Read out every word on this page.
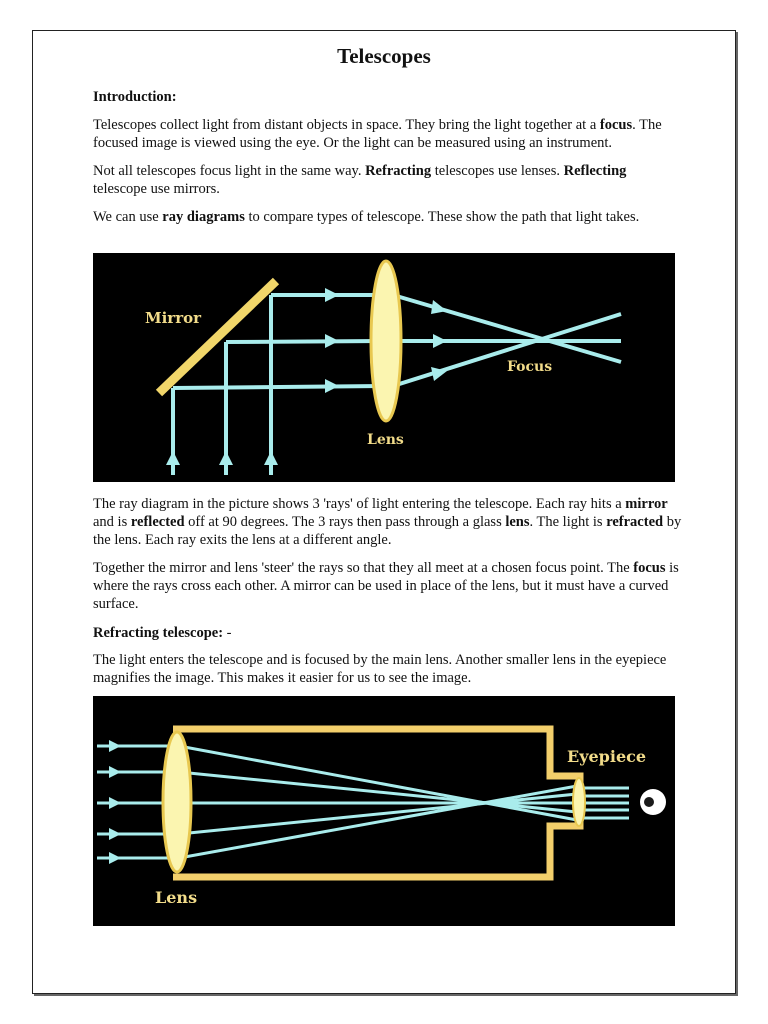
Telescopes

Introduction:

Telescopes collect light from distant objects in space. They bring the light together at a focus. The focused image is viewed using the eye. Or the light can be measured using an instrument.

Not all telescopes focus light in the same way. Refracting telescopes use lenses. Reflecting telescope use mirrors.

We can use ray diagrams to compare types of telescope. These show the path that light takes.

Mirror
Lens
Focus

The ray diagram in the picture shows 3 'rays' of light entering the telescope. Each ray hits a mirror and is reflected off at 90 degrees. The 3 rays then pass through a glass lens. The light is refracted by the lens. Each ray exits the lens at a different angle.

Together the mirror and lens 'steer' the rays so that they all meet at a chosen focus point. The focus is where the rays cross each other. A mirror can be used in place of the lens, but it must have a curved surface.

Refracting telescope: -

The light enters the telescope and is focused by the main lens. Another smaller lens in the eyepiece magnifies the image. This makes it easier for us to see the image.

Eyepiece
Lens
